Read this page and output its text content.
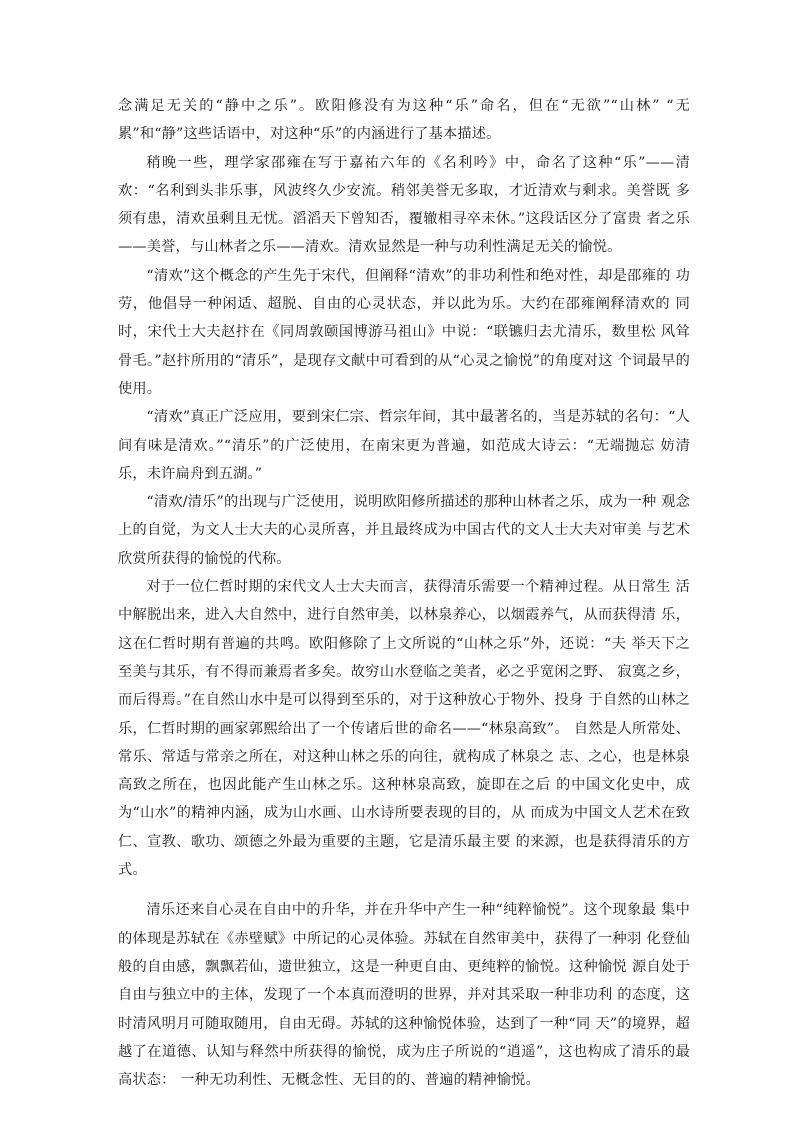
念满足无关的“静中之乐”。欧阳修没有为这种“乐”命名，但在“无欲”“山林” “无累”和“静”这些话语中，对这种“乐”的内涵进行了基本描述。

稍晚一些，理学家邵雍在写于嘉祐六年的《名利吟》中，命名了这种“乐”——清 欢：“名利到头非乐事，风波终久少安流。稍邻美誉无多取，才近清欢与剩求。美誉既 多须有患，清欢虽剩且无忧。滔滔天下曾知否，覆辙相寻卒未休。”这段话区分了富贵 者之乐——美誉，与山林者之乐——清欢。清欢显然是一种与功利性满足无关的愉悦。

“清欢”这个概念的产生先于宋代，但阐释“清欢”的非功利性和绝对性，却是邵雍的 功劳，他倡导一种闲适、超脱、自由的心灵状态，并以此为乐。大约在邵雍阐释清欢的 同时，宋代士大夫赵抃在《同周敦颐国博游马祖山》中说：“联镳归去尤清乐，数里松 风耸骨毛。”赵抃所用的“清乐”，是现存文献中可看到的从“心灵之愉悦”的角度对这 个词最早的使用。

“清欢”真正广泛应用，要到宋仁宗、哲宗年间，其中最著名的，当是苏轼的名句：“人间有味是清欢。”“清乐”的广泛使用，在南宋更为普遍，如范成大诗云：“无端抛忘 妨清乐，未许扁舟到五湖。”

“清欢/清乐”的出现与广泛使用，说明欧阳修所描述的那种山林者之乐，成为一种 观念上的自觉，为文人士大夫的心灵所喜，并且最终成为中国古代的文人士大夫对审美 与艺术欣赏所获得的愉悦的代称。

对于一位仁哲时期的宋代文人士大夫而言，获得清乐需要一个精神过程。从日常生 活中解脱出来，进入大自然中，进行自然审美，以林泉养心，以烟霞养气，从而获得清 乐，这在仁哲时期有普遍的共鸣。欧阳修除了上文所说的“山林之乐”外，还说：“夫 举天下之至美与其乐，有不得而兼焉者多矣。故穷山水登临之美者，必之乎宽闲之野、 寂寞之乡，而后得焉。”在自然山水中是可以得到至乐的，对于这种放心于物外、投身 于自然的山林之乐，仁哲时期的画家郭熙给出了一个传诸后世的命名——“林泉高致”。 自然是人所常处、常乐、常适与常亲之所在，对这种山林之乐的向往，就构成了林泉之 志、之心，也是林泉高致之所在，也因此能产生山林之乐。这种林泉高致，旋即在之后 的中国文化史中，成为“山水”的精神内涵，成为山水画、山水诗所要表现的目的，从 而成为中国文人艺术在致仁、宣教、歌功、颂德之外最为重要的主题，它是清乐最主要 的来源，也是获得清乐的方式。

清乐还来自心灵在自由中的升华，并在升华中产生一种“纯粹愉悦”。这个现象最 集中的体现是苏轼在《赤壁赋》中所记的心灵体验。苏轼在自然审美中，获得了一种羽 化登仙般的自由感，飘飘若仙，遗世独立，这是一种更自由、更纯粹的愉悦。这种愉悦 源自处于自由与独立中的主体，发现了一个本真而澄明的世界，并对其采取一种非功利 的态度，这时清风明月可随取随用，自由无碍。苏轼的这种愉悦体验，达到了一种“同 天”的境界，超越了在道德、认知与释然中所获得的愉悦，成为庄子所说的“逍遥”，这也构成了清乐的最高状态： 一种无功利性、无概念性、无目的的、普遍的精神愉悦。
